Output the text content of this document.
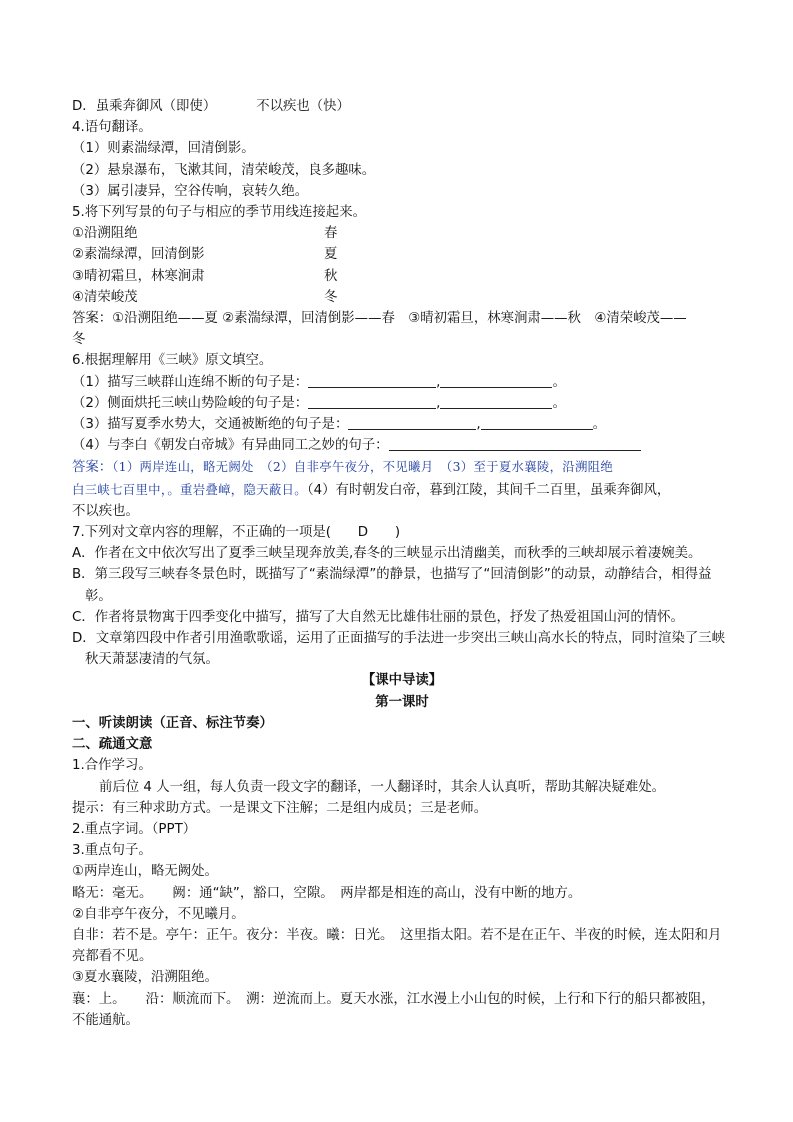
D．虽乘奔御风（即使）	不以疾也（快）
4.语句翻译。
（1）则素湍绿潭，回清倒影。
（2）悬泉瀑布，飞漱其间，清荣峻茂，良多趣味。
（3）属引凄异，空谷传响，哀转久绝。
5.将下列写景的句子与相应的季节用线连接起来。
①沿溯阻绝	春
②素湍绿潭，回清倒影	夏
③晴初霜旦，林寒涧肃	秋
④清荣峻茂	冬
答案：①沿溯阻绝——夏 ②素湍绿潭，回清倒影——春　③晴初霜旦，林寒涧肃——秋　④清荣峻茂——
冬
6.根据理解用《三峡》原文填空。
（1）描写三峡群山连绵不断的句子是：	,	。
（2）侧面烘托三峡山势险峻的句子是：	,	。
（3）描写夏季水势大，交通被断绝的句子是：	,	。
（4）与李白《朝发白帝城》有异曲同工之妙的句子：
答案：（1）两岸连山，略无阙处　（2）自非亭午夜分，不见曦月　（3）至于夏水襄陵，沿溯阻绝
白三峡七百里中，。重岩叠嶂，隐天蔽日。（4）有时朝发白帝，暮到江陵，其间千二百里，虽乘奔御风，
不以疾也。
7.下列对文章内容的理解，不正确的一项是(　　D　　)
A．作者在文中依次写出了夏季三峡呈现奔放美,春冬的三峡显示出清幽美，而秋季的三峡却展示着凄婉美。
B．第三段写三峡春冬景色时，既描写了“素湍绿潭”的静景，也描写了“回清倒影”的动景，动静结合，相得益彰。
C．作者将景物寓于四季变化中描写，描写了大自然无比雄伟壮丽的景色，抒发了热爱祖国山河的情怀。
D．文章第四段中作者引用渔歌歌谣，运用了正面描写的手法进一步突出三峡山高水长的特点，同时渲染了三峡秋天萧瑟凄清的气氛。
【课中导读】
第一课时
一、听读朗读（正音、标注节奏）
二、疏通文意
1.合作学习。
前后位 4 人一组，每人负责一段文字的翻译，一人翻译时，其余人认真听，帮助其解决疑难处。
提示：有三种求助方式。一是课文下注解；二是组内成员；三是老师。
2.重点字词。（PPT）
3.重点句子。
①两岸连山，略无阙处。
略无：毫无。　　阙：通“缺”，豁口，空隙。　两岸都是相连的高山，没有中断的地方。
②自非亭午夜分，不见曦月。
自非：若不是。亭午：正午。夜分：半夜。曦：日光。　这里指太阳。若不是在正午、半夜的时候，连太阳和月亮都看不见。
③夏水襄陵，沿溯阻绝。
襄：上。　　沿：顺流而下。　溯：逆流而上。夏天水涨，江水漫上小山包的时候，上行和下行的船只都被阻，不能通航。
